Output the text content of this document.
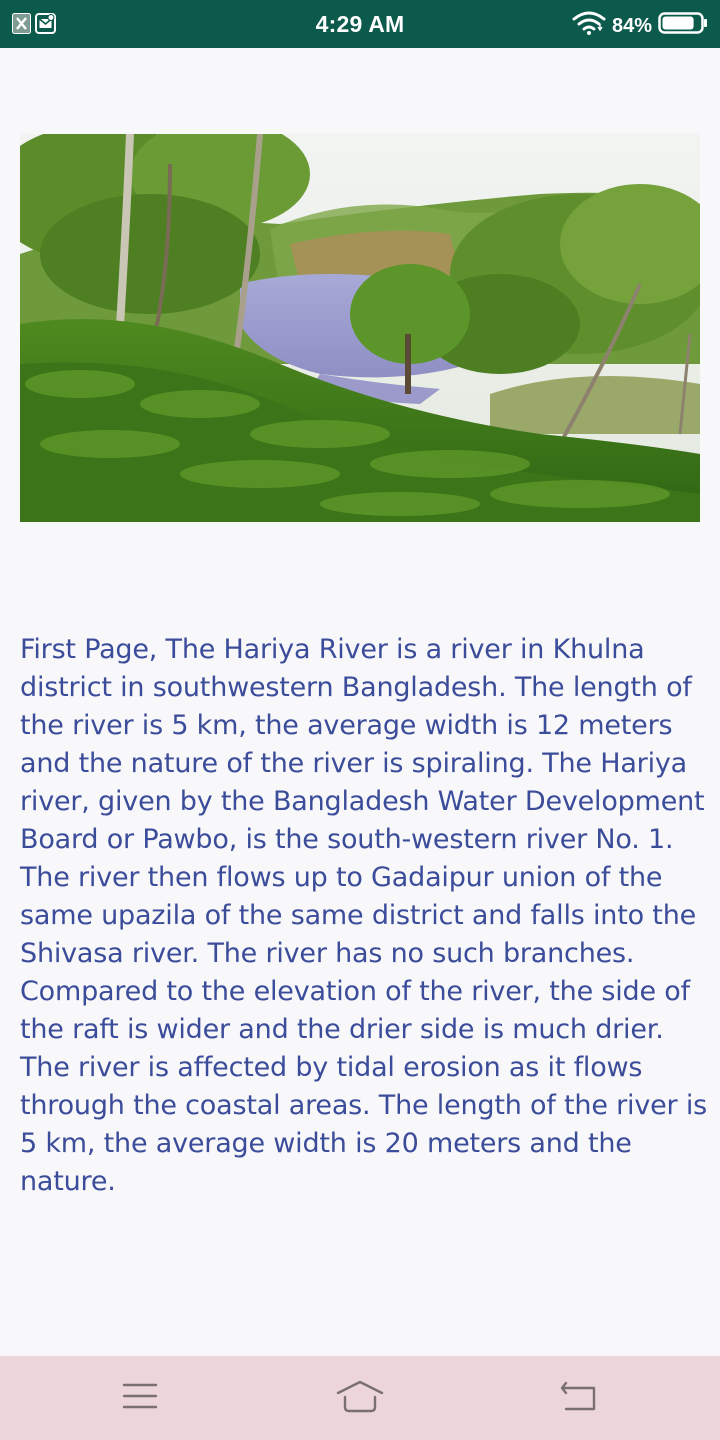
4:29 AM	84%

First Page, The Hariya River is a river in Khulna district in southwestern Bangladesh. The length of the river is 5 km, the average width is 12 meters and the nature of the river is spiraling. The Hariya river, given by the Bangladesh Water Development Board or Pawbo, is the south-western river No. 1. The river then flows up to Gadaipur union of the same upazila of the same district and falls into the Shivasa river. The river has no such branches. Compared to the elevation of the river, the side of the raft is wider and the drier side is much drier. The river is affected by tidal erosion as it flows through the coastal areas. The length of the river is 5 km, the average width is 20 meters and the nature.
